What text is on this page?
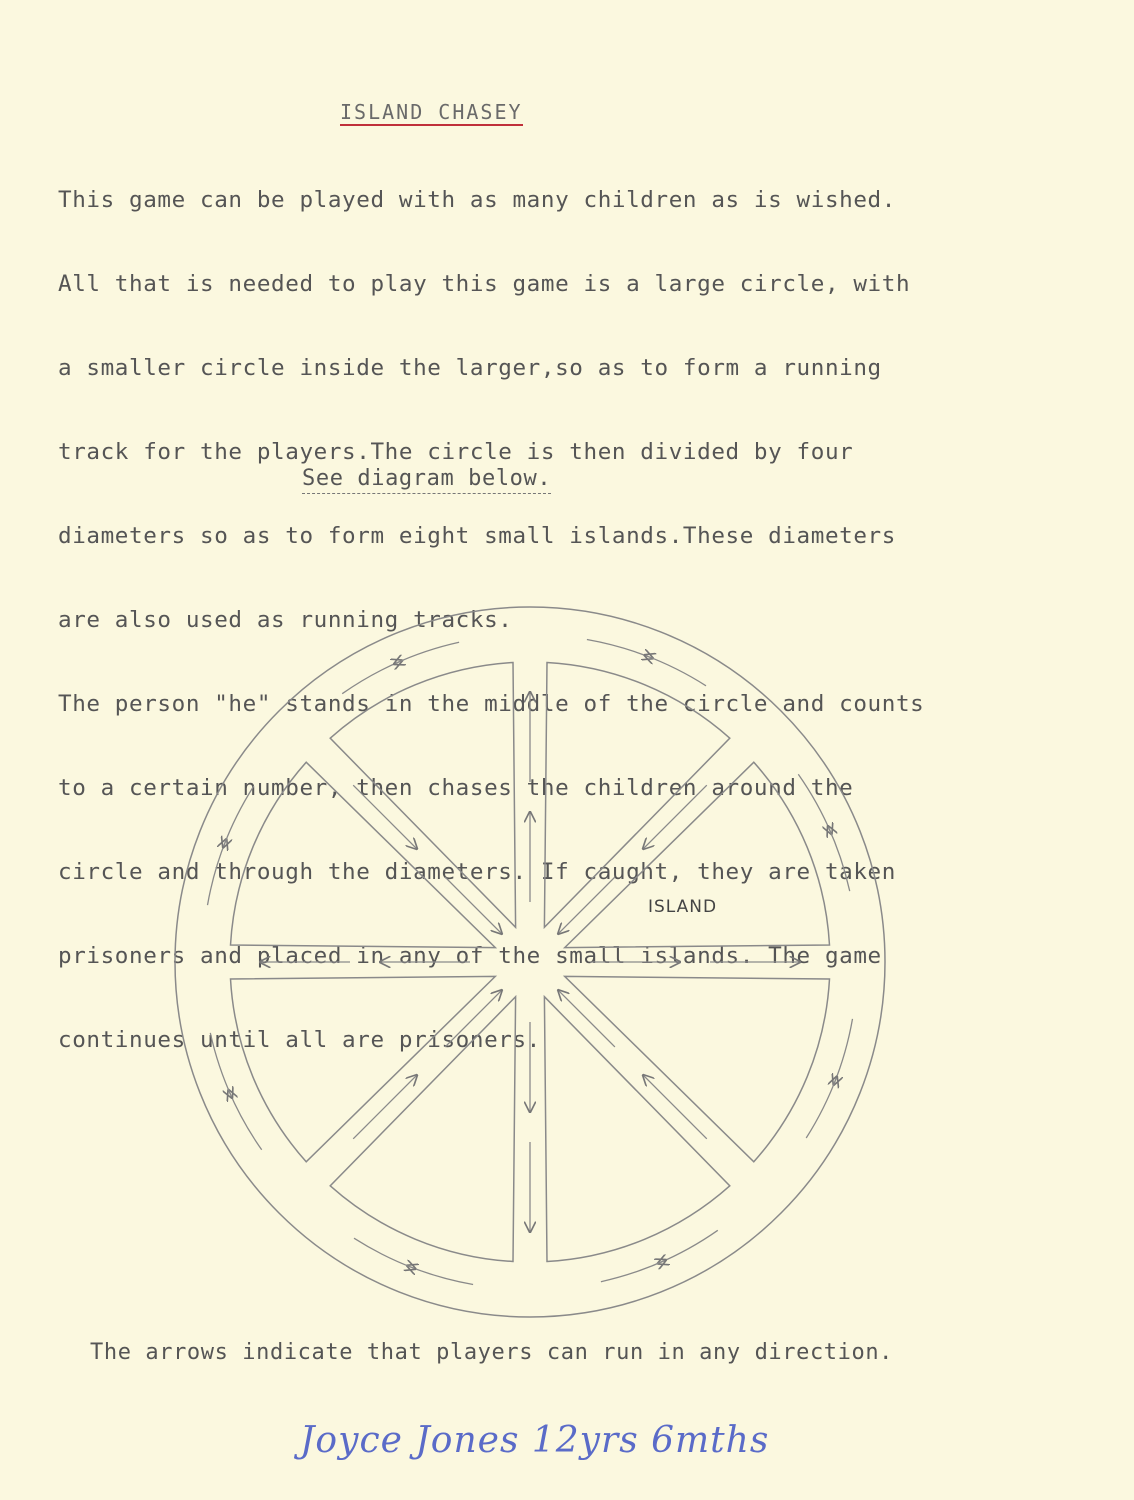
ISLAND CHASEY

This game can be played with as many children as is wished.

All that is needed to play this game is a large circle, with

a smaller circle inside the larger,so as to form a running

track for the players.The circle is then divided by four

diameters so as to form eight small islands.These diameters

are also used as running tracks.

The person "he" stands in the middle of the circle and counts

to a certain number, then chases the children around the

circle and through the diameters. If caught, they are taken

prisoners and placed in any of the small islands. The game

continues until all are prisoners.

See diagram below.
ISLAND
The arrows indicate that players can run in any direction.
Joyce Jones 12yrs 6mths
